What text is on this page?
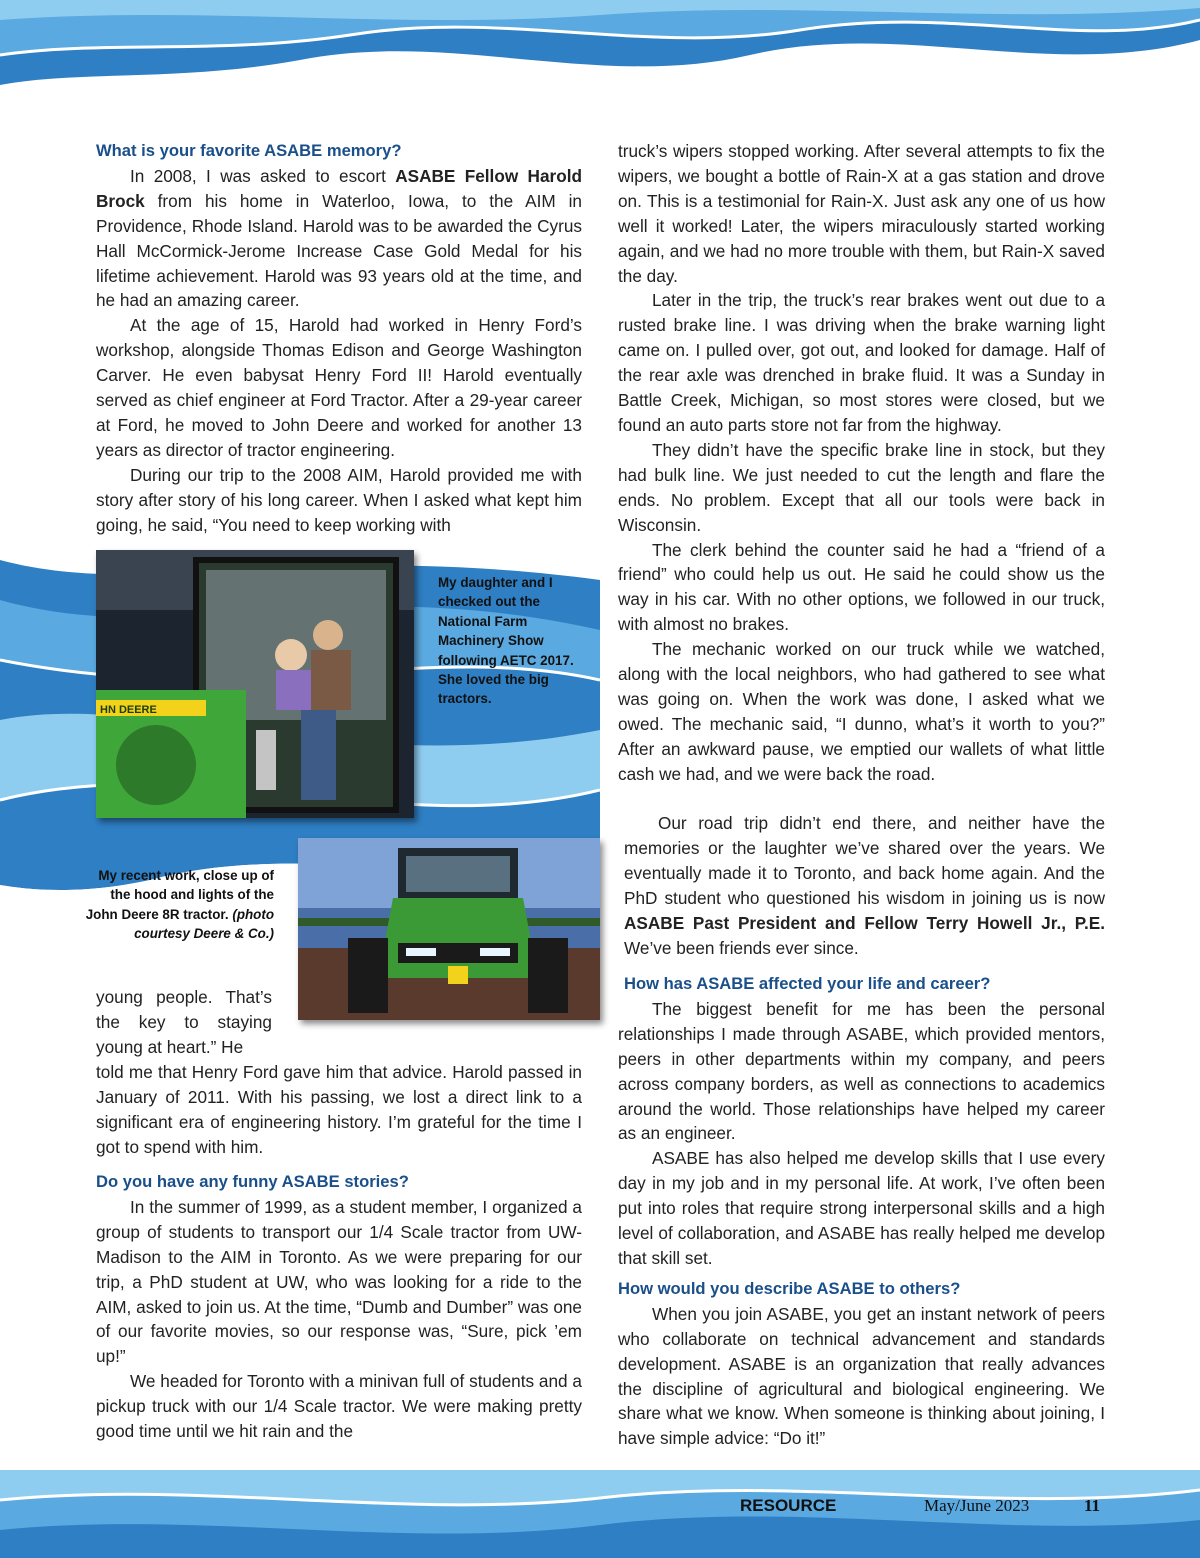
What is your favorite ASABE memory?

In 2008, I was asked to escort ASABE Fellow Harold Brock from his home in Waterloo, Iowa, to the AIM in Providence, Rhode Island. Harold was to be awarded the Cyrus Hall McCormick-Jerome Increase Case Gold Medal for his lifetime achievement. Harold was 93 years old at the time, and he had an amazing career.

At the age of 15, Harold had worked in Henry Ford’s workshop, alongside Thomas Edison and George Washington Carver. He even babysat Henry Ford II! Harold eventually served as chief engineer at Ford Tractor. After a 29-year career at Ford, he moved to John Deere and worked for another 13 years as director of tractor engineering.

During our trip to the 2008 AIM, Harold provided me with story after story of his long career. When I asked what kept him going, he said, “You need to keep working with

HN DEERE
My daughter and I checked out the National Farm Machinery Show following AETC 2017. She loved the big tractors.
My recent work, close up of the hood and lights of the John Deere 8R tractor. (photo courtesy Deere & Co.)
young people. That’s the key to staying young at heart.” He

told me that Henry Ford gave him that advice. Harold passed in January of 2011. With his passing, we lost a direct link to a significant era of engineering history. I’m grateful for the time I got to spend with him.

Do you have any funny ASABE stories?

In the summer of 1999, as a student member, I organized a group of students to transport our 1/4 Scale tractor from UW-Madison to the AIM in Toronto. As we were preparing for our trip, a PhD student at UW, who was looking for a ride to the AIM, asked to join us. At the time, “Dumb and Dumber” was one of our favorite movies, so our response was, “Sure, pick ’em up!”

We headed for Toronto with a minivan full of students and a pickup truck with our 1/4 Scale tractor. We were making pretty good time until we hit rain and the

truck’s wipers stopped working. After several attempts to fix the wipers, we bought a bottle of Rain-X at a gas station and drove on. This is a testimonial for Rain-X. Just ask any one of us how well it worked! Later, the wipers miraculously started working again, and we had no more trouble with them, but Rain-X saved the day.

Later in the trip, the truck’s rear brakes went out due to a rusted brake line. I was driving when the brake warning light came on. I pulled over, got out, and looked for damage. Half of the rear axle was drenched in brake fluid. It was a Sunday in Battle Creek, Michigan, so most stores were closed, but we found an auto parts store not far from the highway.

They didn’t have the specific brake line in stock, but they had bulk line. We just needed to cut the length and flare the ends. No problem. Except that all our tools were back in Wisconsin.

The clerk behind the counter said he had a “friend of a friend” who could help us out. He said he could show us the way in his car. With no other options, we followed in our truck, with almost no brakes.

The mechanic worked on our truck while we watched, along with the local neighbors, who had gathered to see what was going on. When the work was done, I asked what we owed. The mechanic said, “I dunno, what’s it worth to you?” After an awkward pause, we emptied our wallets of what little cash we had, and we were back the road.

Our road trip didn’t end there, and neither have the memories or the laughter we’ve shared over the years. We eventually made it to Toronto, and back home again. And the PhD student who questioned his wisdom in joining us is now ASABE Past President and Fellow Terry Howell Jr., P.E. We’ve been friends ever since.

How has ASABE affected your life and career?

The biggest benefit for me has been the personal relationships I made through ASABE, which provided mentors, peers in other departments within my company, and peers across company borders, as well as connections to academics around the world. Those relationships have helped my career as an engineer.

ASABE has also helped me develop skills that I use every day in my job and in my personal life. At work, I’ve often been put into roles that require strong interpersonal skills and a high level of collaboration, and ASABE has really helped me develop that skill set.

How would you describe ASABE to others?

When you join ASABE, you get an instant network of peers who collaborate on technical advancement and standards development. ASABE is an organization that really advances the discipline of agricultural and biological engineering. We share what we know. When someone is thinking about joining, I have simple advice: “Do it!”

RESOURCE	May/June 2023	11
